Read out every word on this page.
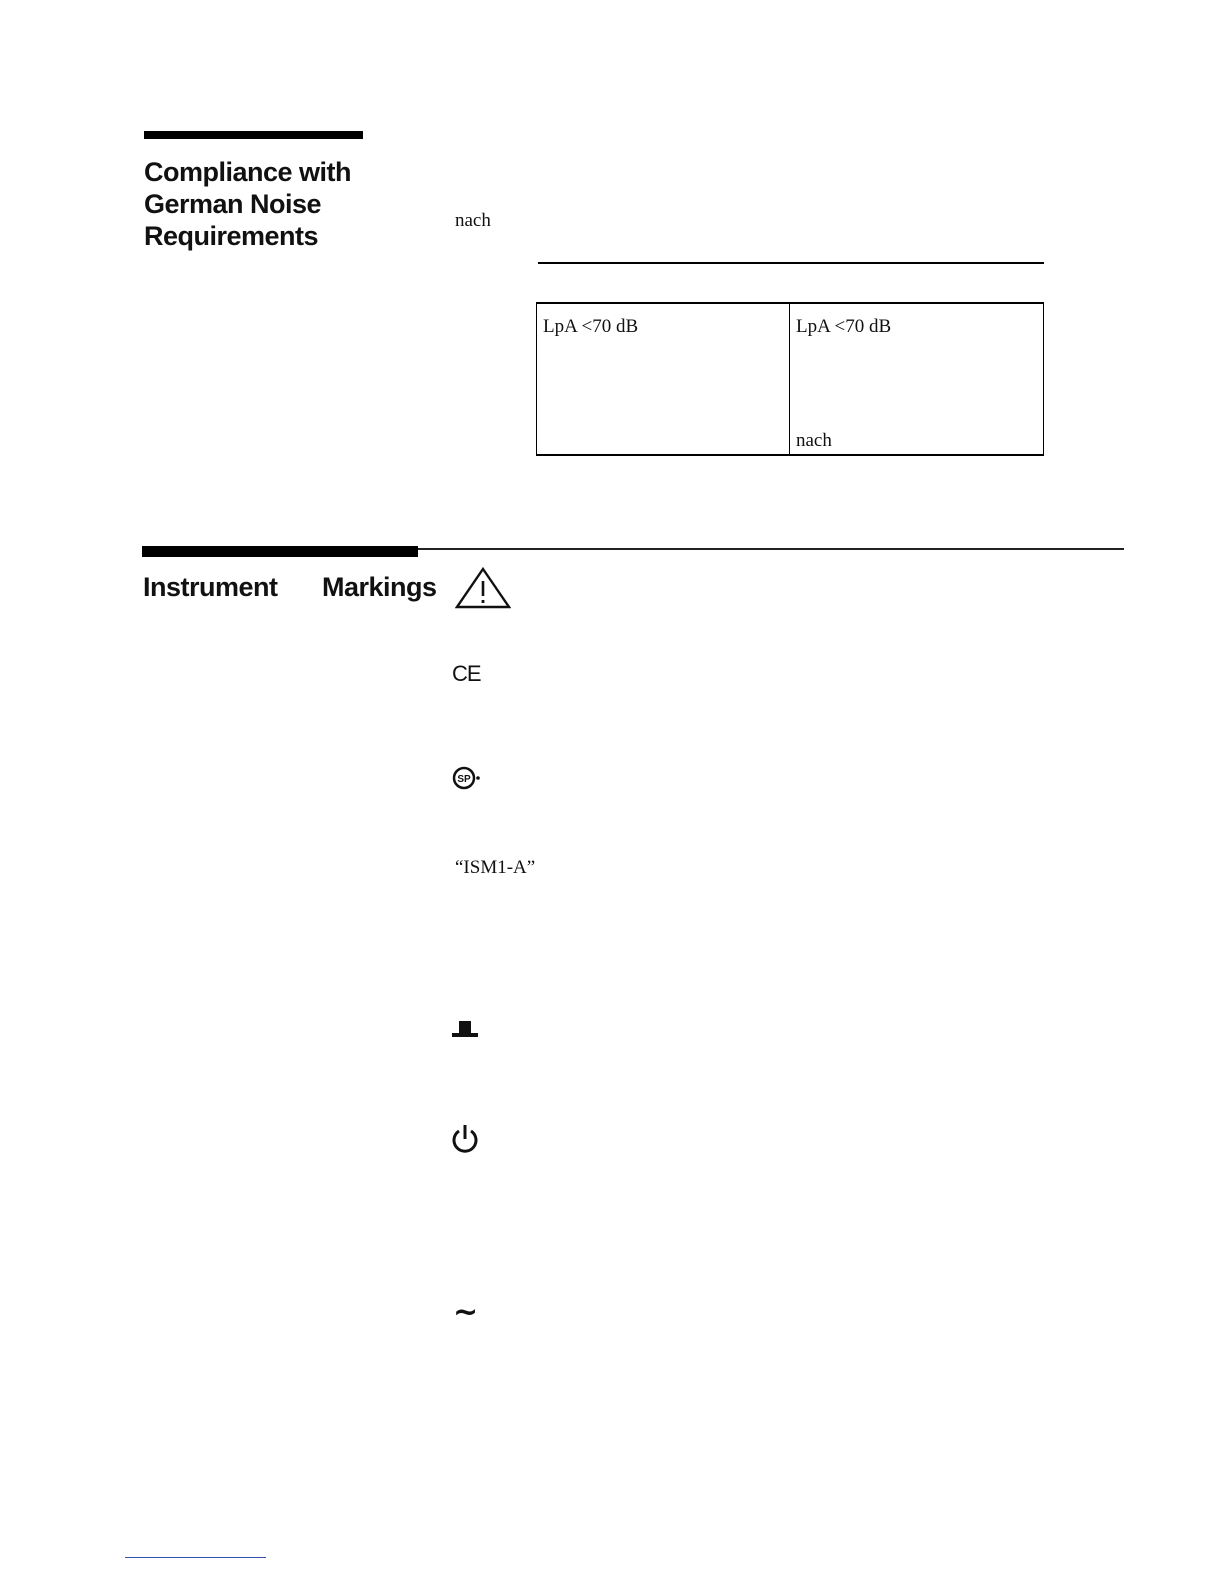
Compliance with
German Noise
Requirements
nach
LpA <70 dB	LpA <70 dB
nach
Instrument Markings
CE
SP
“ISM1-A”
~
